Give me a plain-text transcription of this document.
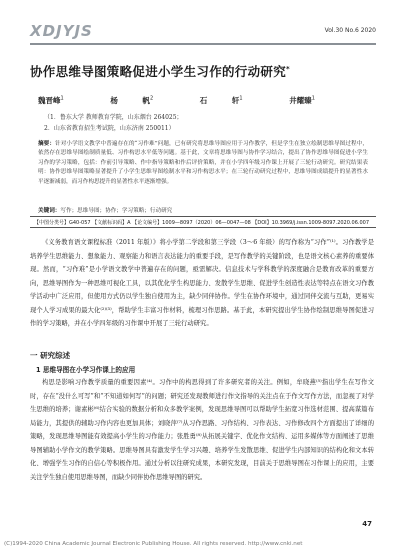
XDJYJS	Vol.30 No.6 2020
协作思维导图策略促进小学生习作的行动研究*
魏晋峰$^1$	杨 帆$^2$	石 轩$^1$	井耀臻$^1$
（1．鲁东大学 教师教育学院，山东烟台 264025；
2．山东省教育招生考试院，山东济南 250011）
摘要：针对小学语文教学中普遍存在的“习作难”问题，已有研究将思维导图应用于习作教学，但是学生在独立绘制思维导图过程中，依然存在思维导图绘制质量低、习作构思水平低等问题。基于此，文章将思维导图与协作学习结合，提出了协作思维导图促进小学生习作的学习策略，包括：作前引导策略、作中指导策略和作后评价策略，并在小学四年级习作课上开展了三轮行动研究。研究结果表明：协作思维导图策略显著提升了小学生思维导图绘制水平和习作构思水平；在三轮行动研究过程中，思维导图成绩提升的显著性水平逐渐减弱，而习作构思提升的显著性水平逐渐增强。
关键词：写作；思维导图；协作；学习策略；行动研究
【中图分类号】G40-057 【文献标识码】A 【论文编号】1009—8097（2020）06—0047—08 【DOI】10.3969/j.issn.1009-8097.2020.06.007

《义务教育语文课程标准（2011 年版）》将小学第二学段和第三学段（3～6 年级）的写作称为“习作”⁽¹⁾。习作教学是培养学生思维能力、想象能力、观察能力和语言表达能力的重要手段，是写作教学的关键阶段，也是语文核心素养的重要体现。然而，“习作难”是小学语文教学中普遍存在的问题，亟需解决。信息技术与学科教学的深度融合是教育改革的重要方向，思维导图作为一种思维可视化工具，以其优化学生构思能力、发散学生思维、促进学生创造性表达等特点在语文习作教学活动中广泛应用，但使用方式仍以学生独自使用为主，缺少同伴协作。学生在协作环境中，通过同伴交流与互助，更易实现个人学习成果的最大化⁽²⁾⁽³⁾，帮助学生丰富习作材料，梳理习作思路。基于此，本研究提出学生协作绘制思维导图促进习作的学习策略，并在小学四年级的习作课中开展了三轮行动研究。

一 研究综述
1 思维导图在小学习作课上的应用

构思是影响习作教学质量的重要因素⁽⁴⁾。习作中的构思得到了许多研究者的关注。例如，牟晓燕⁽⁵⁾指出学生在写作文时，存在“没什么可写”和“不知道如何写”的问题；研究还发现教师进行作文指导的关注点在于作文写作方法，而忽视了对学生思维的培养；谢素彬⁽⁶⁾结合实验的数据分析和众多教学案例，发现思维导图可以帮助学生拓宽习作选材范围、提高谋篇布局能力，其提供的辅助习作内容也更加具体；刘晓萍⁽⁷⁾从习作思路、习作结构、习作表达、习作修改四个方面提出了详细的策略，发现思维导图能有效提高小学生的习作能力；张胜勇⁽⁸⁾从拓展关键字、优化作文结构、运用多媒体等方面阐述了思维导图辅助小学作文的教学策略。思维导图具有激发学生学习兴趣、培养学生发散思维、促进学生内部知识的结构化和文本转化、增强学生习作的自信心等积极作用。通过分析以往研究成果，本研究发现，目前关于思维导图在习作课上的应用，主要关注学生独自使用思维导图，而缺少同伴协作思维导图的研究。

47
(C)1994-2020 China Academic Journal Electronic Publishing House. All rights reserved. http://www.cnki.net
